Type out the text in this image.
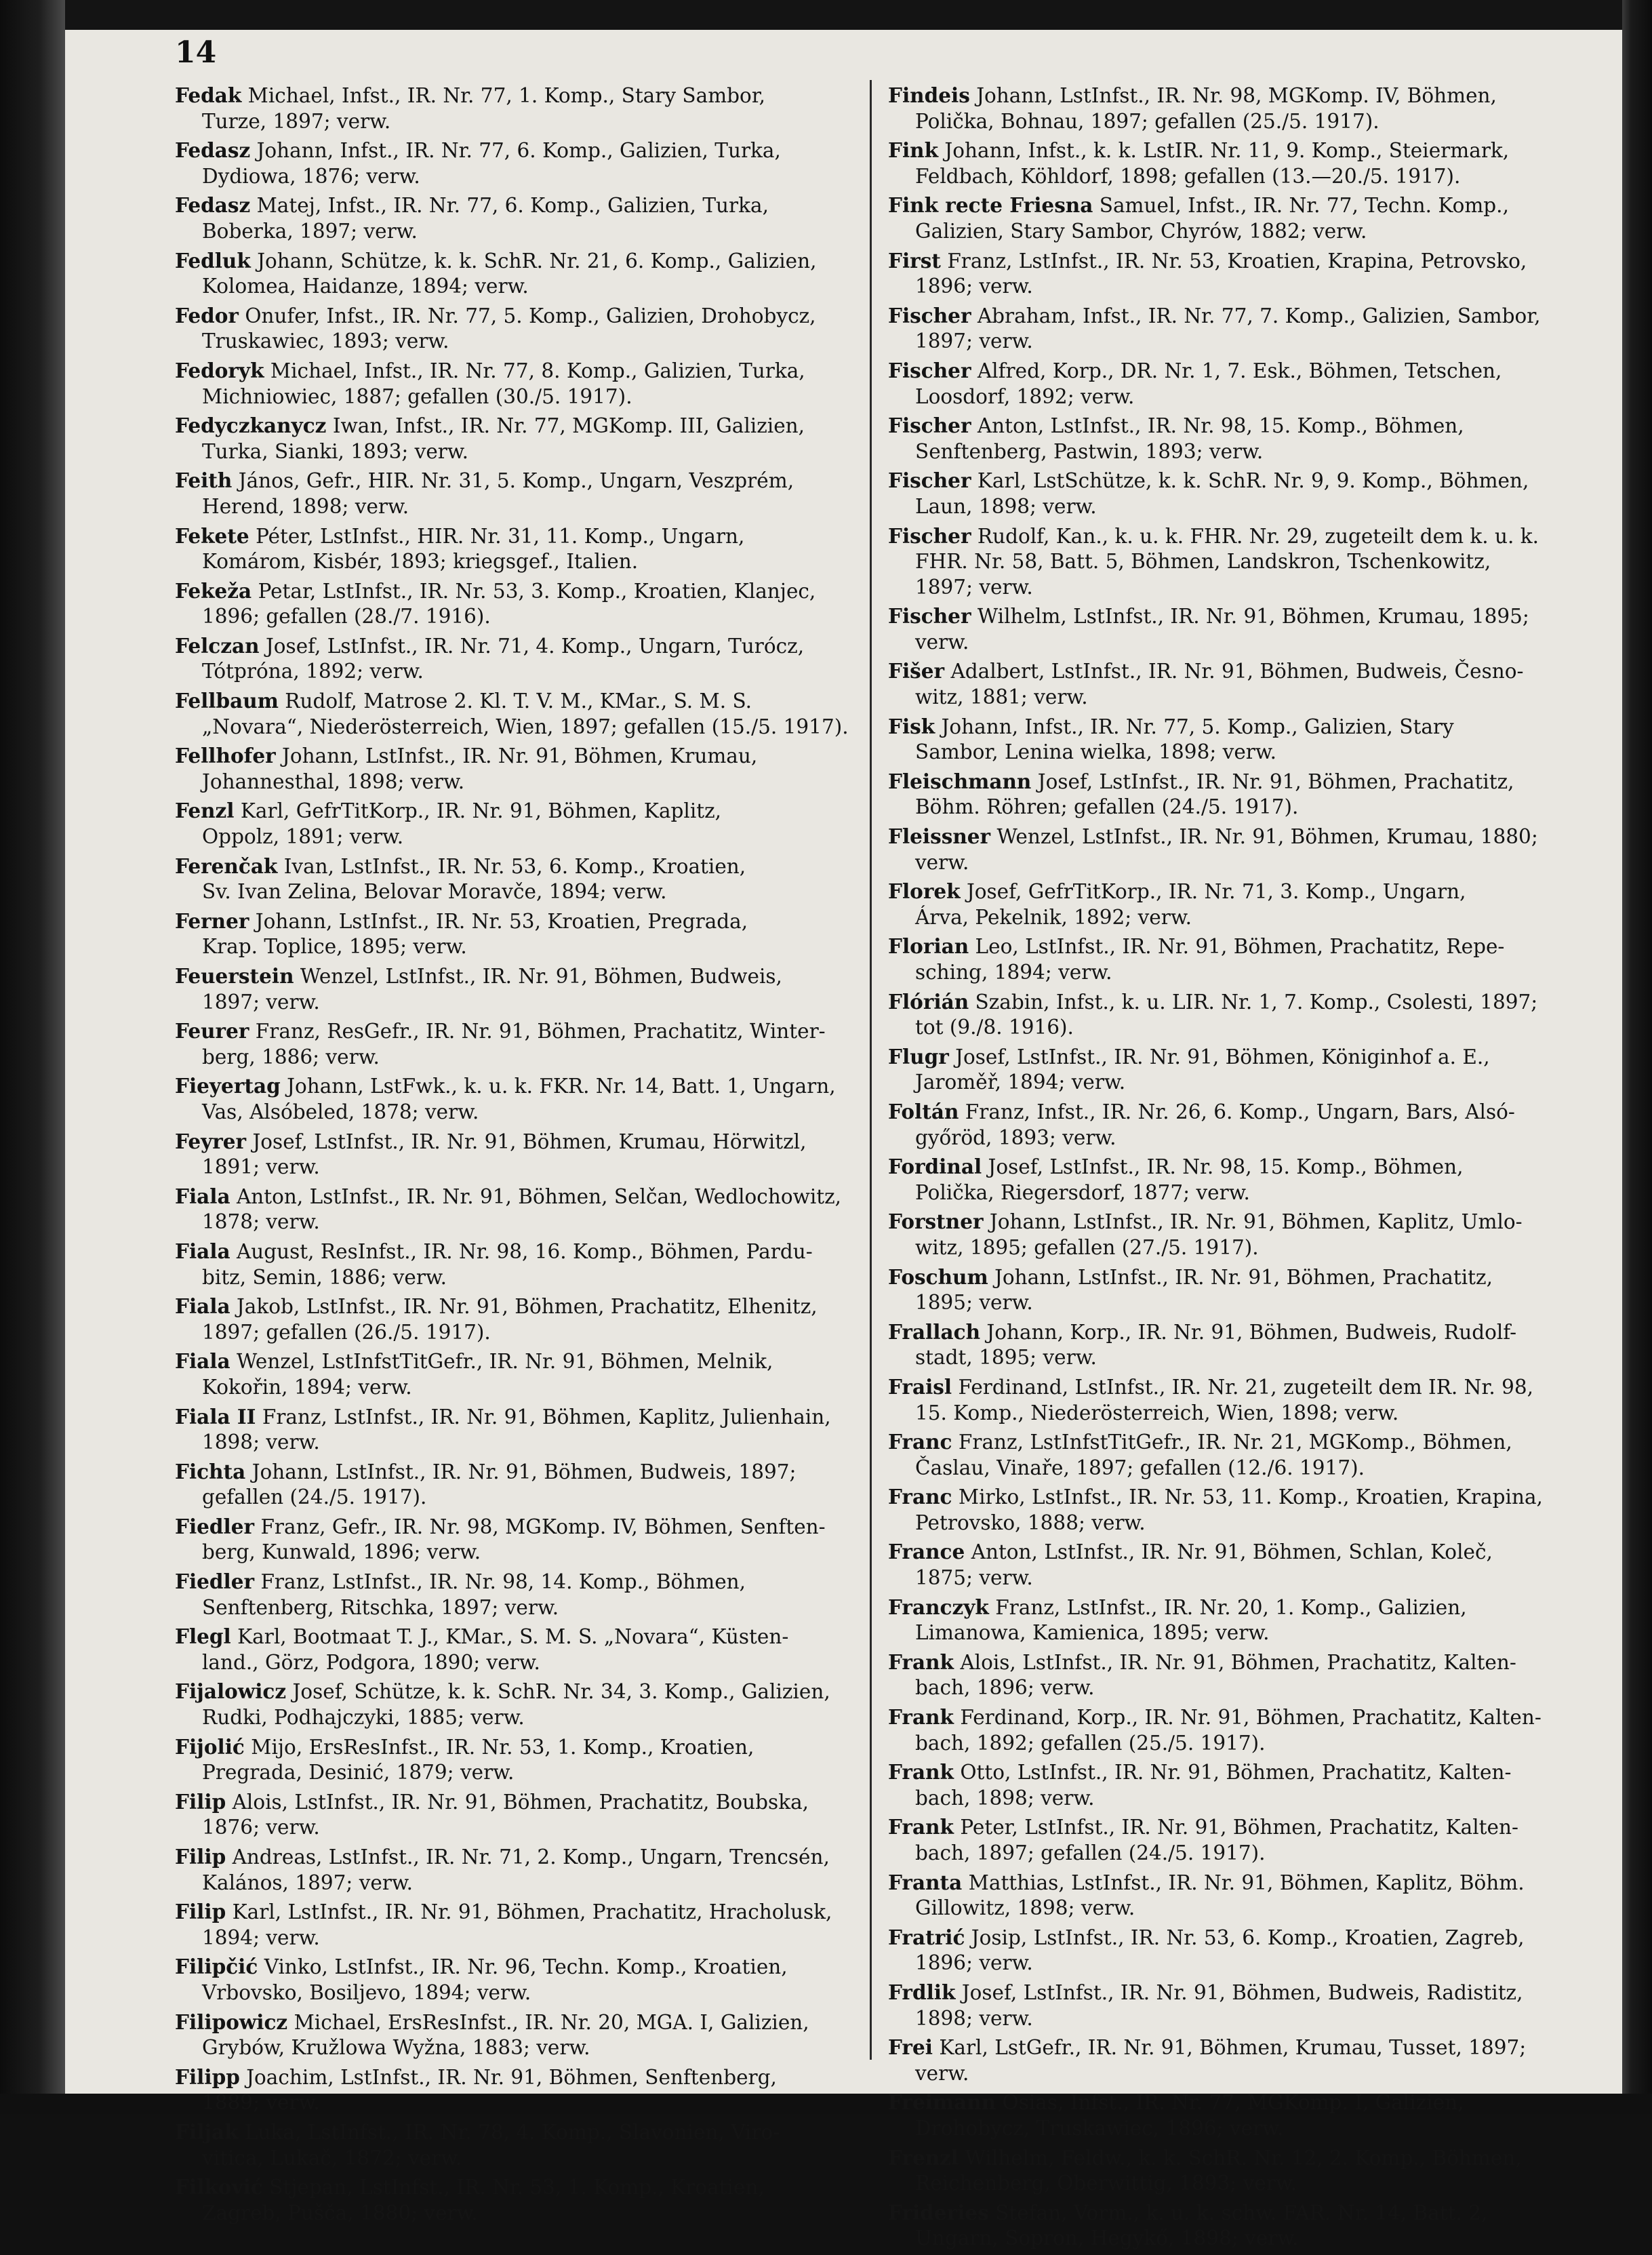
14
Fedak Michael, Infst., IR. Nr. 77, 1. Komp., Stary Sambor,
Turze, 1897; verw.
Fedasz Johann, Infst., IR. Nr. 77, 6. Komp., Galizien, Turka,
Dydiowa, 1876; verw.
Fedasz Matej, Infst., IR. Nr. 77, 6. Komp., Galizien, Turka,
Boberka, 1897; verw.
Fedluk Johann, Schütze, k. k. SchR. Nr. 21, 6. Komp., Galizien,
Kolomea, Haidanze, 1894; verw.
Fedor Onufer, Infst., IR. Nr. 77, 5. Komp., Galizien, Drohobycz,
Truskawiec, 1893; verw.
Fedoryk Michael, Infst., IR. Nr. 77, 8. Komp., Galizien, Turka,
Michniowiec, 1887; gefallen (30./5. 1917).
Fedyczkanycz Iwan, Infst., IR. Nr. 77, MGKomp. III, Galizien,
Turka, Sianki, 1893; verw.
Feith János, Gefr., HIR. Nr. 31, 5. Komp., Ungarn, Veszprém,
Herend, 1898; verw.
Fekete Péter, LstInfst., HIR. Nr. 31, 11. Komp., Ungarn,
Komárom, Kisbér, 1893; kriegsgef., Italien.
Fekeža Petar, LstInfst., IR. Nr. 53, 3. Komp., Kroatien, Klanjec,
1896; gefallen (28./7. 1916).
Felczan Josef, LstInfst., IR. Nr. 71, 4. Komp., Ungarn, Turócz,
Tótpróna, 1892; verw.
Fellbaum Rudolf, Matrose 2. Kl. T. V. M., KMar., S. M. S.
„Novara“, Niederösterreich, Wien, 1897; gefallen (15./5. 1917).
Fellhofer Johann, LstInfst., IR. Nr. 91, Böhmen, Krumau,
Johannesthal, 1898; verw.
Fenzl Karl, GefrTitKorp., IR. Nr. 91, Böhmen, Kaplitz,
Oppolz, 1891; verw.
Ferenčak Ivan, LstInfst., IR. Nr. 53, 6. Komp., Kroatien,
Sv. Ivan Zelina, Belovar Moravče, 1894; verw.
Ferner Johann, LstInfst., IR. Nr. 53, Kroatien, Pregrada,
Krap. Toplice, 1895; verw.
Feuerstein Wenzel, LstInfst., IR. Nr. 91, Böhmen, Budweis,
1897; verw.
Feurer Franz, ResGefr., IR. Nr. 91, Böhmen, Prachatitz, Winter-
berg, 1886; verw.
Fieyertag Johann, LstFwk., k. u. k. FKR. Nr. 14, Batt. 1, Ungarn,
Vas, Alsóbeled, 1878; verw.
Feyrer Josef, LstInfst., IR. Nr. 91, Böhmen, Krumau, Hörwitzl,
1891; verw.
Fiala Anton, LstInfst., IR. Nr. 91, Böhmen, Selčan, Wedlochowitz,
1878; verw.
Fiala August, ResInfst., IR. Nr. 98, 16. Komp., Böhmen, Pardu-
bitz, Semin, 1886; verw.
Fiala Jakob, LstInfst., IR. Nr. 91, Böhmen, Prachatitz, Elhenitz,
1897; gefallen (26./5. 1917).
Fiala Wenzel, LstInfstTitGefr., IR. Nr. 91, Böhmen, Melnik,
Kokořin, 1894; verw.
Fiala II Franz, LstInfst., IR. Nr. 91, Böhmen, Kaplitz, Julienhain,
1898; verw.
Fichta Johann, LstInfst., IR. Nr. 91, Böhmen, Budweis, 1897;
gefallen (24./5. 1917).
Fiedler Franz, Gefr., IR. Nr. 98, MGKomp. IV, Böhmen, Senften-
berg, Kunwald, 1896; verw.
Fiedler Franz, LstInfst., IR. Nr. 98, 14. Komp., Böhmen,
Senftenberg, Ritschka, 1897; verw.
Flegl Karl, Bootmaat T. J., KMar., S. M. S. „Novara“, Küsten-
land., Görz, Podgora, 1890; verw.
Fijalowicz Josef, Schütze, k. k. SchR. Nr. 34, 3. Komp., Galizien,
Rudki, Podhajczyki, 1885; verw.
Fijolić Mijo, ErsResInfst., IR. Nr. 53, 1. Komp., Kroatien,
Pregrada, Desinić, 1879; verw.
Filip Alois, LstInfst., IR. Nr. 91, Böhmen, Prachatitz, Boubska,
1876; verw.
Filip Andreas, LstInfst., IR. Nr. 71, 2. Komp., Ungarn, Trencsén,
Kalános, 1897; verw.
Filip Karl, LstInfst., IR. Nr. 91, Böhmen, Prachatitz, Hracholusk,
1894; verw.
Filipčić Vinko, LstInfst., IR. Nr. 96, Techn. Komp., Kroatien,
Vrbovsko, Bosiljevo, 1894; verw.
Filipowicz Michael, ErsResInfst., IR. Nr. 20, MGA. I, Galizien,
Grybów, Kružlowa Wyžna, 1883; verw.
Filipp Joachim, LstInfst., IR. Nr. 91, Böhmen, Senftenberg,
1889; verw.
Filjak Luka, LstInfst., IR. Nr. 78, 4. Komp., Slavonien, Viro-
vitica, Lukač, 1872; verw.
Filković Stjepan, LstInfst., IR. Nr. 53, 1. Komp., Kroatien,
Zagreb, Pušča, 1880; verw.
Findeis Johann, LstInfst., IR. Nr. 98, MGKomp. IV, Böhmen,
Polička, Bohnau, 1897; gefallen (25./5. 1917).
Fink Johann, Infst., k. k. LstIR. Nr. 11, 9. Komp., Steiermark,
Feldbach, Köhldorf, 1898; gefallen (13.—20./5. 1917).
Fink recte Friesna Samuel, Infst., IR. Nr. 77, Techn. Komp.,
Galizien, Stary Sambor, Chyrów, 1882; verw.
First Franz, LstInfst., IR. Nr. 53, Kroatien, Krapina, Petrovsko,
1896; verw.
Fischer Abraham, Infst., IR. Nr. 77, 7. Komp., Galizien, Sambor,
1897; verw.
Fischer Alfred, Korp., DR. Nr. 1, 7. Esk., Böhmen, Tetschen,
Loosdorf, 1892; verw.
Fischer Anton, LstInfst., IR. Nr. 98, 15. Komp., Böhmen,
Senftenberg, Pastwin, 1893; verw.
Fischer Karl, LstSchütze, k. k. SchR. Nr. 9, 9. Komp., Böhmen,
Laun, 1898; verw.
Fischer Rudolf, Kan., k. u. k. FHR. Nr. 29, zugeteilt dem k. u. k.
FHR. Nr. 58, Batt. 5, Böhmen, Landskron, Tschenkowitz,
1897; verw.
Fischer Wilhelm, LstInfst., IR. Nr. 91, Böhmen, Krumau, 1895;
verw.
Fišer Adalbert, LstInfst., IR. Nr. 91, Böhmen, Budweis, Česno-
witz, 1881; verw.
Fisk Johann, Infst., IR. Nr. 77, 5. Komp., Galizien, Stary
Sambor, Lenina wielka, 1898; verw.
Fleischmann Josef, LstInfst., IR. Nr. 91, Böhmen, Prachatitz,
Böhm. Röhren; gefallen (24./5. 1917).
Fleissner Wenzel, LstInfst., IR. Nr. 91, Böhmen, Krumau, 1880;
verw.
Florek Josef, GefrTitKorp., IR. Nr. 71, 3. Komp., Ungarn,
Árva, Pekelnik, 1892; verw.
Florian Leo, LstInfst., IR. Nr. 91, Böhmen, Prachatitz, Repe-
sching, 1894; verw.
Flórián Szabin, Infst., k. u. LIR. Nr. 1, 7. Komp., Csolesti, 1897;
tot (9./8. 1916).
Flugr Josef, LstInfst., IR. Nr. 91, Böhmen, Königinhof a. E.,
Jaroměř, 1894; verw.
Foltán Franz, Infst., IR. Nr. 26, 6. Komp., Ungarn, Bars, Alsó-
győröd, 1893; verw.
Fordinal Josef, LstInfst., IR. Nr. 98, 15. Komp., Böhmen,
Polička, Riegersdorf, 1877; verw.
Forstner Johann, LstInfst., IR. Nr. 91, Böhmen, Kaplitz, Umlo-
witz, 1895; gefallen (27./5. 1917).
Foschum Johann, LstInfst., IR. Nr. 91, Böhmen, Prachatitz,
1895; verw.
Frallach Johann, Korp., IR. Nr. 91, Böhmen, Budweis, Rudolf-
stadt, 1895; verw.
Fraisl Ferdinand, LstInfst., IR. Nr. 21, zugeteilt dem IR. Nr. 98,
15. Komp., Niederösterreich, Wien, 1898; verw.
Franc Franz, LstInfstTitGefr., IR. Nr. 21, MGKomp., Böhmen,
Časlau, Vinaře, 1897; gefallen (12./6. 1917).
Franc Mirko, LstInfst., IR. Nr. 53, 11. Komp., Kroatien, Krapina,
Petrovsko, 1888; verw.
France Anton, LstInfst., IR. Nr. 91, Böhmen, Schlan, Koleč,
1875; verw.
Franczyk Franz, LstInfst., IR. Nr. 20, 1. Komp., Galizien,
Limanowa, Kamienica, 1895; verw.
Frank Alois, LstInfst., IR. Nr. 91, Böhmen, Prachatitz, Kalten-
bach, 1896; verw.
Frank Ferdinand, Korp., IR. Nr. 91, Böhmen, Prachatitz, Kalten-
bach, 1892; gefallen (25./5. 1917).
Frank Otto, LstInfst., IR. Nr. 91, Böhmen, Prachatitz, Kalten-
bach, 1898; verw.
Frank Peter, LstInfst., IR. Nr. 91, Böhmen, Prachatitz, Kalten-
bach, 1897; gefallen (24./5. 1917).
Franta Matthias, LstInfst., IR. Nr. 91, Böhmen, Kaplitz, Böhm.
Gillowitz, 1898; verw.
Fratrić Josip, LstInfst., IR. Nr. 53, 6. Komp., Kroatien, Zagreb,
1896; verw.
Frdlik Josef, LstInfst., IR. Nr. 91, Böhmen, Budweis, Radistitz,
1898; verw.
Frei Karl, LstGefr., IR. Nr. 91, Böhmen, Krumau, Tusset, 1897;
verw.
Freimann Osias, Infst., IR. Nr. 77, MGKomp. I, Galizien,
Drohobycz, Truskawiec, 1896; verw.
Frenzl Wilhelm, Feldw., k. k. SchR. Nr. 12, 2. Komp., Böhmen,
Reichenberg, Oberwittig, 1893; verw.
Frideries Stefan, Vorm., k. u. k. schw. FAR. Nr. 14, Batt. 2,
Ungarn, Sopron, Hegykő, 1898; verw.
